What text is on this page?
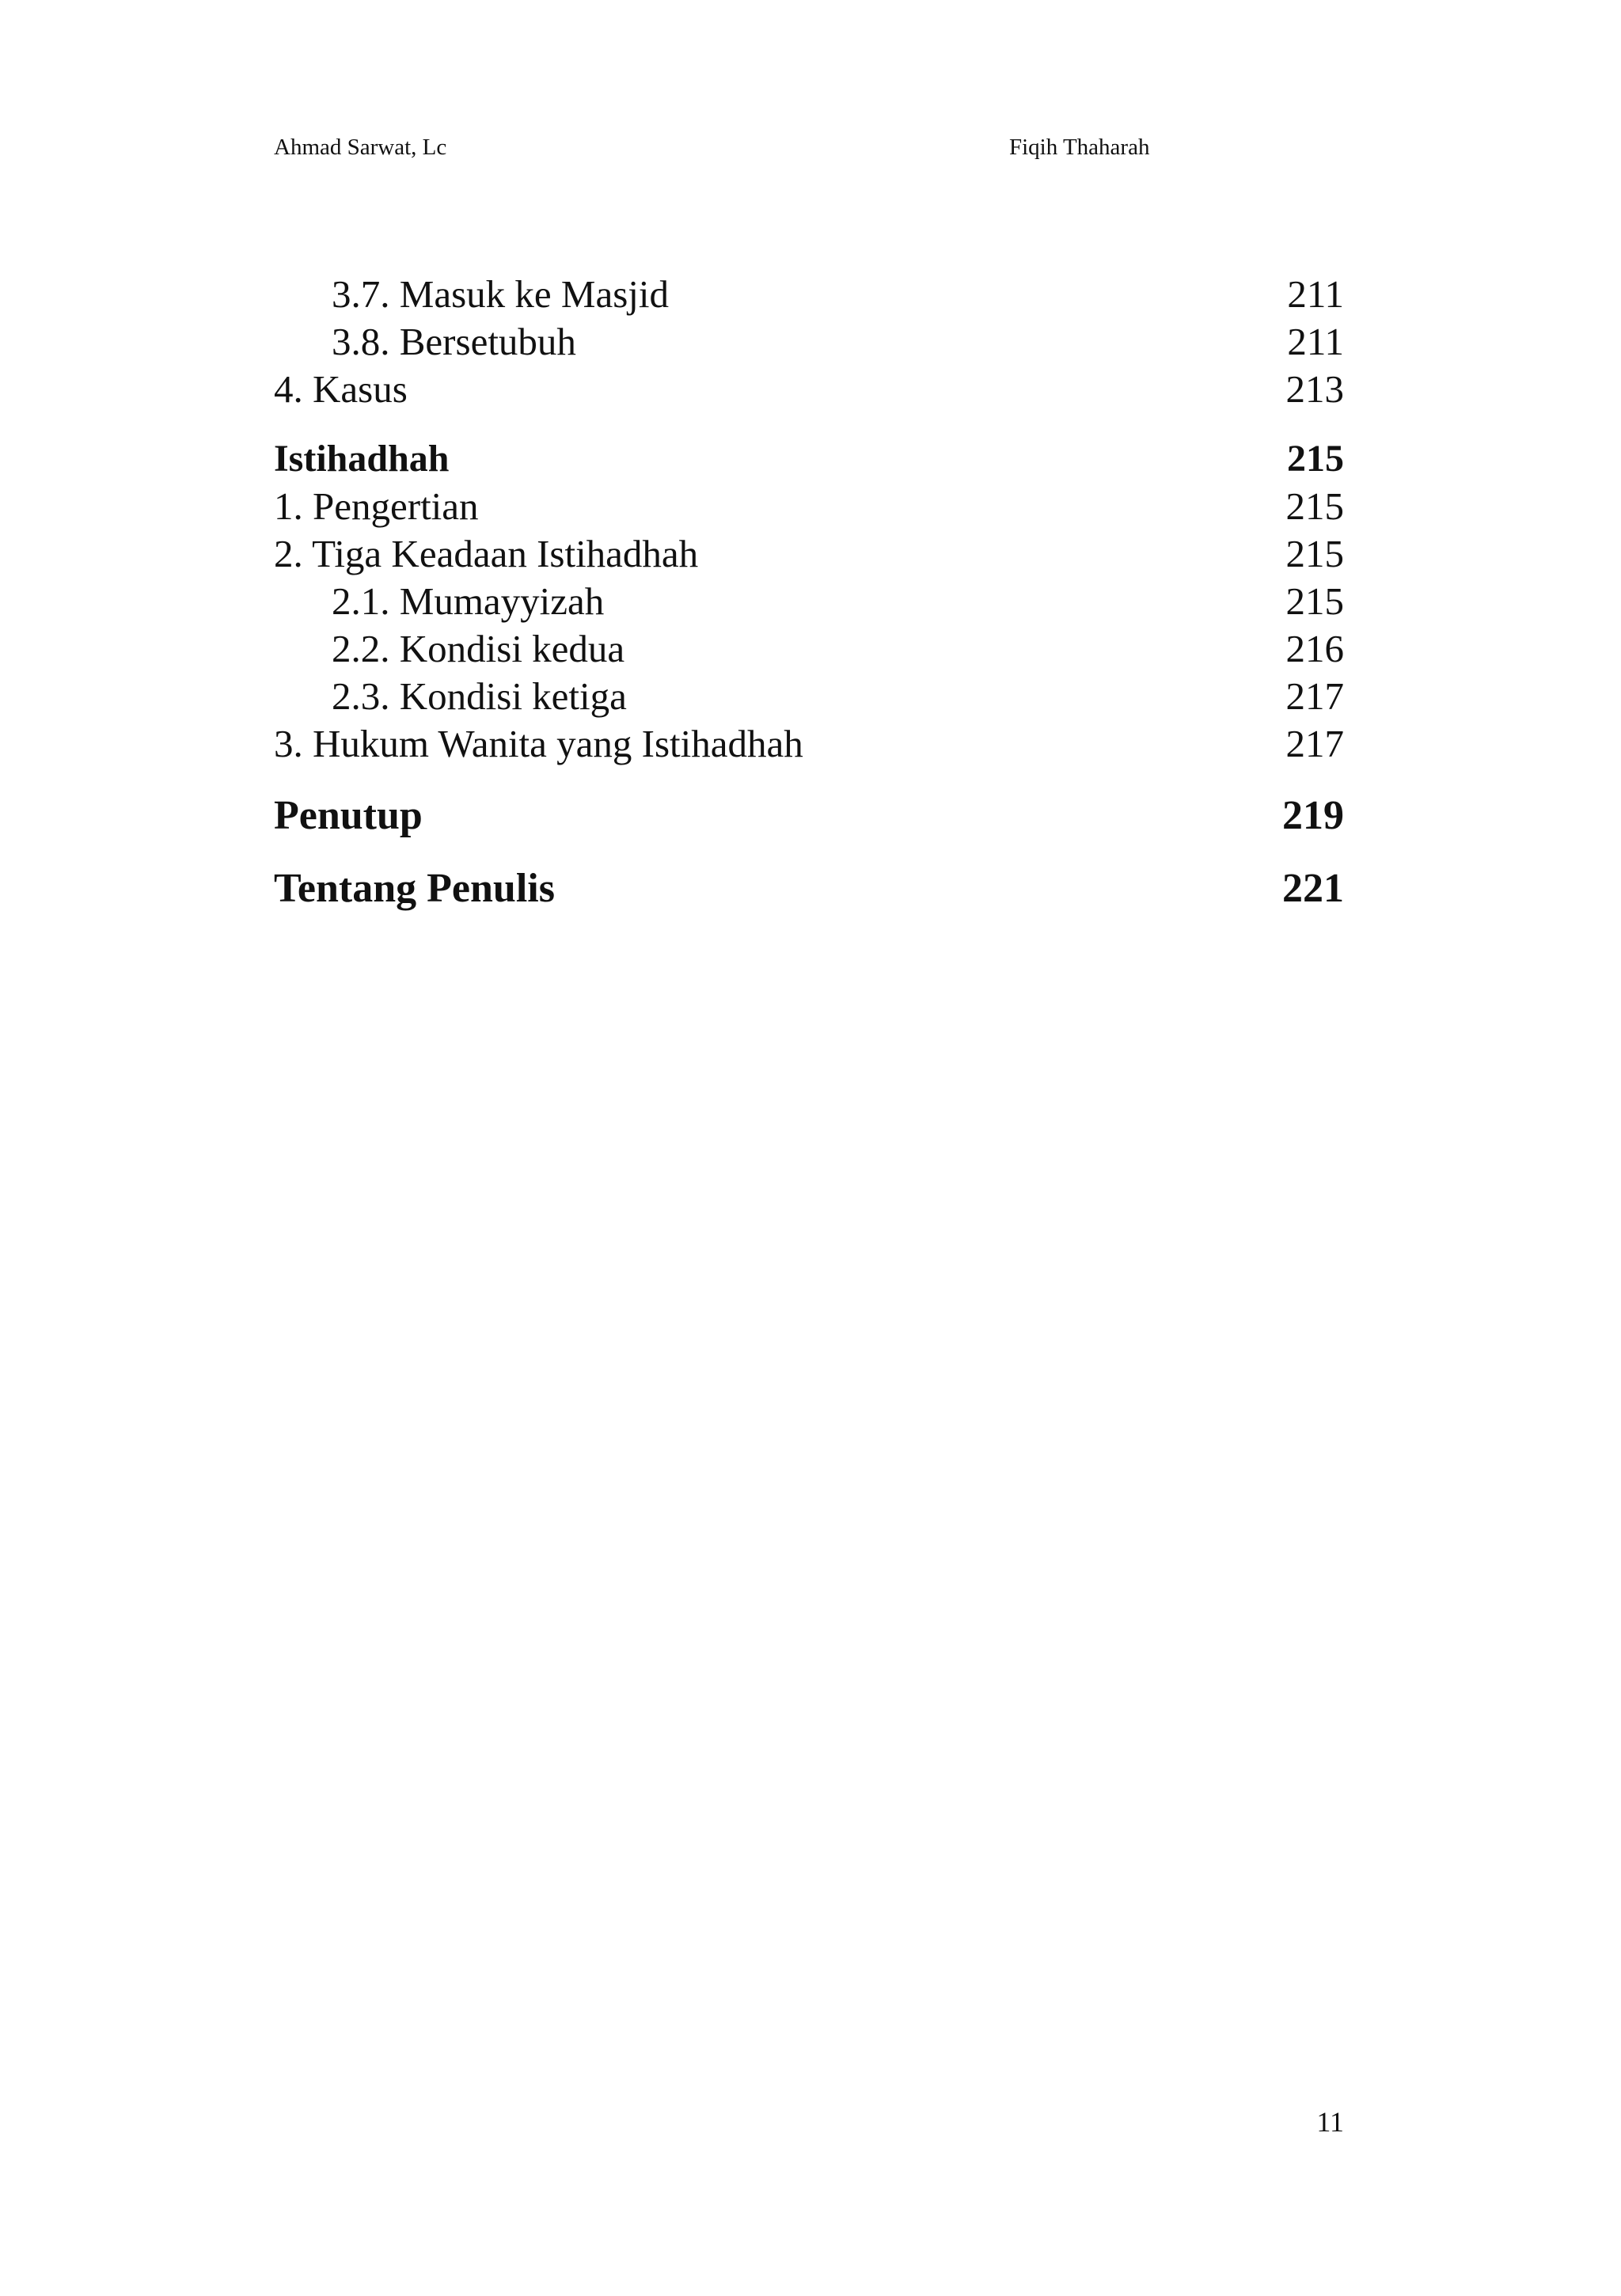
Ahmad Sarwat, Lc	Fiqih Thaharah
3.7. Masuk ke Masjid	211
3.8. Bersetubuh	211
4. Kasus	213
Istihadhah	215
1. Pengertian	215
2. Tiga Keadaan Istihadhah	215
2.1. Mumayyizah	215
2.2. Kondisi kedua	216
2.3. Kondisi ketiga	217
3. Hukum Wanita yang Istihadhah	217
Penutup	219
Tentang Penulis	221
11
